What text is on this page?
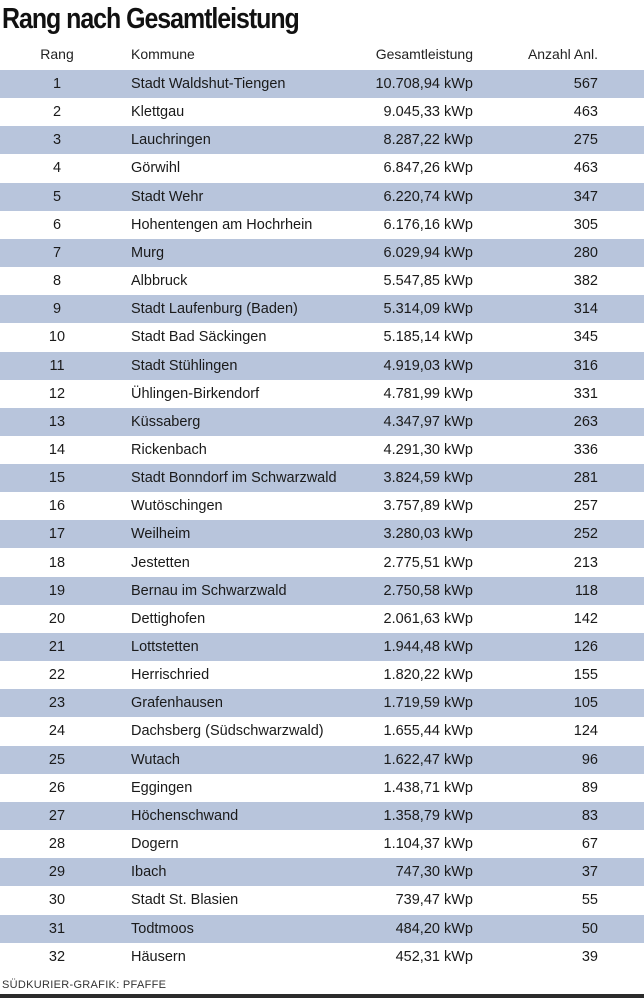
Rang nach Gesamtleistung
Rang	Kommune	Gesamtleistung	Anzahl Anl.
1	Stadt Waldshut-Tiengen	10.708,94 kWp	567
2	Klettgau	9.045,33 kWp	463
3	Lauchringen	8.287,22 kWp	275
4	Görwihl	6.847,26 kWp	463
5	Stadt Wehr	6.220,74 kWp	347
6	Hohentengen am Hochrhein	6.176,16 kWp	305
7	Murg	6.029,94 kWp	280
8	Albbruck	5.547,85 kWp	382
9	Stadt Laufenburg (Baden)	5.314,09 kWp	314
10	Stadt Bad Säckingen	5.185,14 kWp	345
11	Stadt Stühlingen	4.919,03 kWp	316
12	Ühlingen-Birkendorf	4.781,99 kWp	331
13	Küssaberg	4.347,97 kWp	263
14	Rickenbach	4.291,30 kWp	336
15	Stadt Bonndorf im Schwarzwald	3.824,59 kWp	281
16	Wutöschingen	3.757,89 kWp	257
17	Weilheim	3.280,03 kWp	252
18	Jestetten	2.775,51 kWp	213
19	Bernau im Schwarzwald	2.750,58 kWp	118
20	Dettighofen	2.061,63 kWp	142
21	Lottstetten	1.944,48 kWp	126
22	Herrischried	1.820,22 kWp	155
23	Grafenhausen	1.719,59 kWp	105
24	Dachsberg (Südschwarzwald)	1.655,44 kWp	124
25	Wutach	1.622,47 kWp	96
26	Eggingen	1.438,71 kWp	89
27	Höchenschwand	1.358,79 kWp	83
28	Dogern	1.104,37 kWp	67
29	Ibach	747,30 kWp	37
30	Stadt St. Blasien	739,47 kWp	55
31	Todtmoos	484,20 kWp	50
32	Häusern	452,31 kWp	39
SÜDKURIER-GRAFIK: PFAFFE
